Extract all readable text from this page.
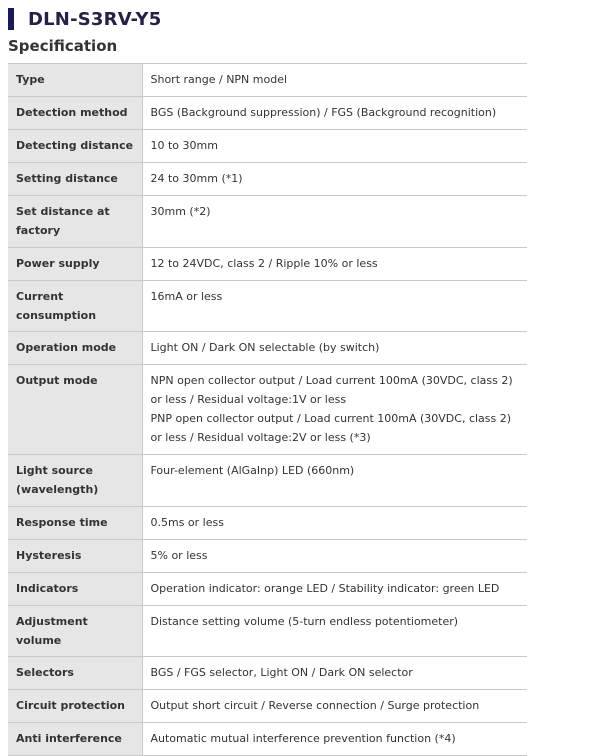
DLN-S3RV-Y5
Specification
Type	Short range / NPN model

Detection method	BGS (Background suppression) / FGS (Background recognition)

Detecting distance	10 to 30mm

Setting distance	24 to 30mm (*1)

Set distance at factory	30mm (*2)

Power supply	12 to 24VDC, class 2 / Ripple 10% or less

Current consumption	16mA or less

Operation mode	Light ON / Dark ON selectable (by switch)

Output mode	NPN open collector output / Load current 100mA (30VDC, class 2) or less / Residual voltage:1V or less
PNP open collector output / Load current 100mA (30VDC, class 2) or less / Residual voltage:2V or less (*3)

Light source (wavelength)	Four-element (AlGaInp) LED (660nm)

Response time	0.5ms or less

Hysteresis	5% or less

Indicators	Operation indicator: orange LED / Stability indicator: green LED

Adjustment volume	Distance setting volume (5-turn endless potentiometer)

Selectors	BGS / FGS selector, Light ON / Dark ON selector

Circuit protection	Output short circuit / Reverse connection / Surge protection

Anti interference	Automatic mutual interference prevention function (*4)
